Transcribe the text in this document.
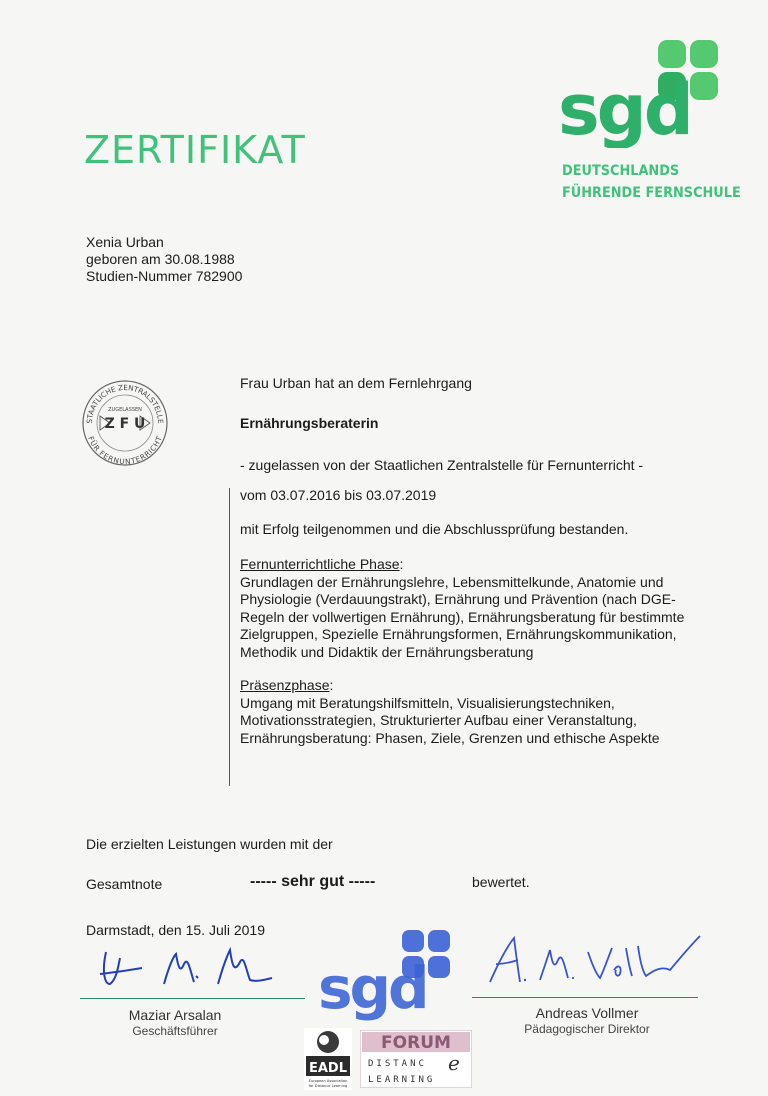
ZERTIFIKAT	sgd
DEUTSCHLANDS
FÜHRENDE FERNSCHULE
Xenia Urban
geboren am 30.08.1988
Studien-Nummer 782900
STAATLICHE ZENTRALSTELLE
FÜR FERNUNTERRICHT
ZUGELASSEN
Z F U
Frau Urban hat an dem Fernlehrgang
Ernährungsberaterin
- zugelassen von der Staatlichen Zentralstelle für Fernunterricht -
vom 03.07.2016 bis 03.07.2019
mit Erfolg teilgenommen und die Abschlussprüfung bestanden.
Fernunterrichtliche Phase:
Grundlagen der Ernährungslehre, Lebensmittelkunde, Anatomie und
Physiologie (Verdauungstrakt), Ernährung und Prävention (nach DGE-
Regeln der vollwertigen Ernährung), Ernährungsberatung für bestimmte
Zielgruppen, Spezielle Ernährungsformen, Ernährungskommunikation,
Methodik und Didaktik der Ernährungsberatung
Präsenzphase:
Umgang mit Beratungshilfsmitteln, Visualisierungstechniken,
Motivationsstrategien, Strukturierter Aufbau einer Veranstaltung,
Ernährungsberatung: Phasen, Ziele, Grenzen und ethische Aspekte
Die erzielten Leistungen wurden mit der
Gesamtnote	----- sehr gut -----	bewertet.
Darmstadt, den 15. Juli 2019
Maziar Arsalan
Geschäftsführer
sgd	Andreas Vollmer
Pädagogischer Direktor
EADL
European Association
for Distance Learning
FORUM
DISTANC e
LEARNING
